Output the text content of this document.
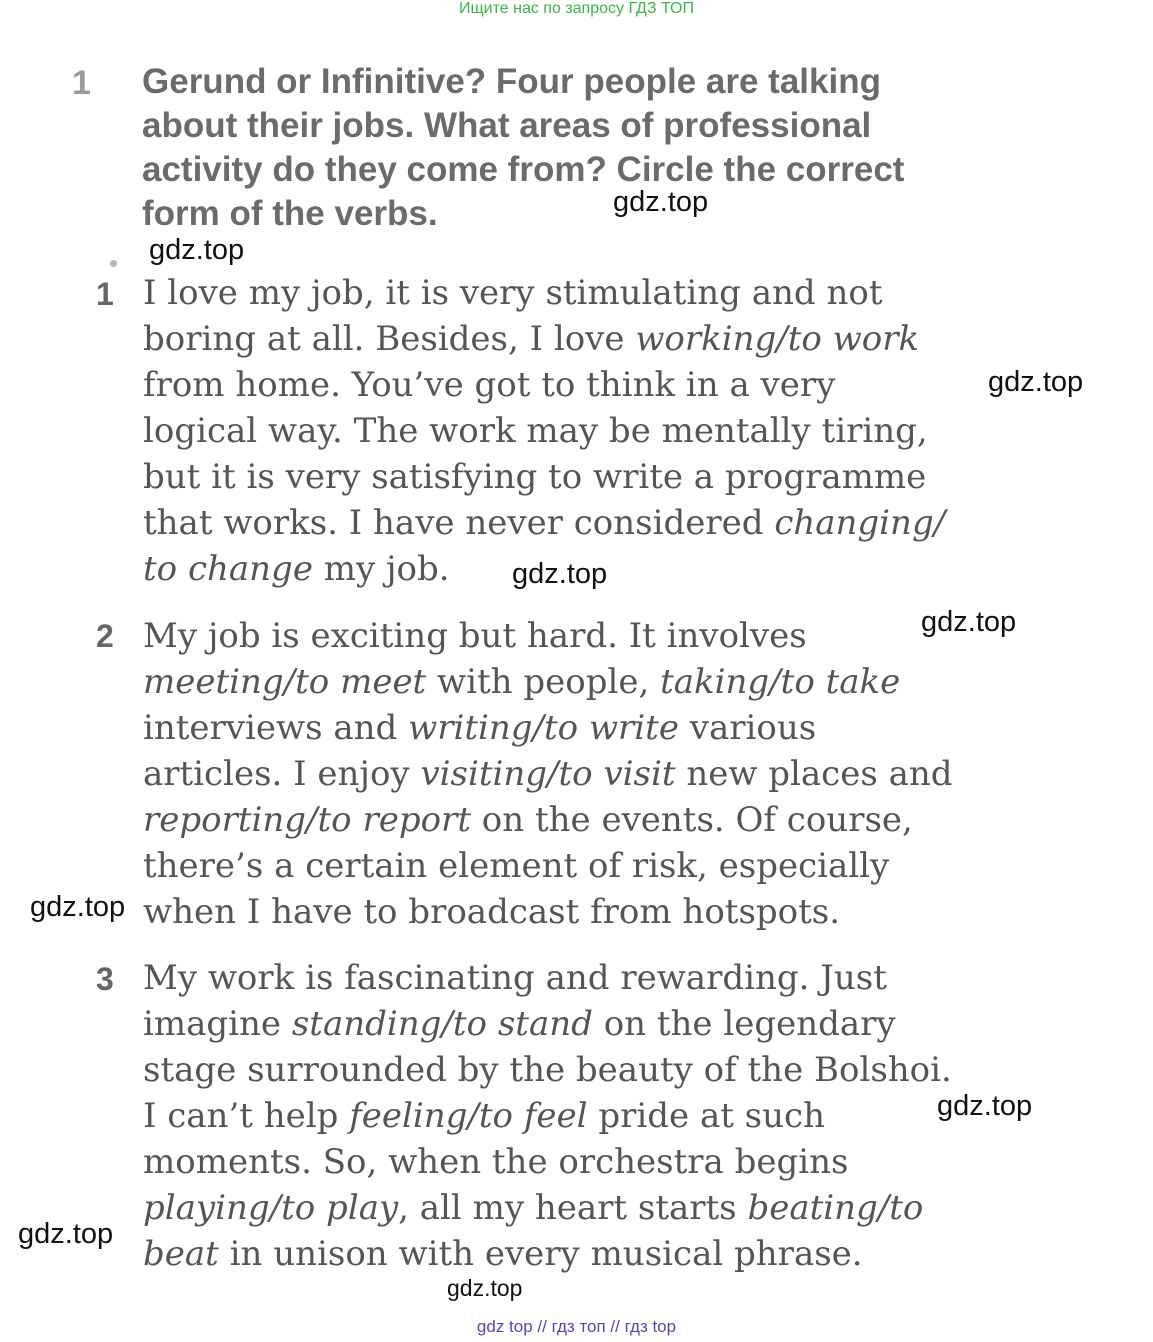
Ищите нас по запросу ГДЗ ТОП
1 Gerund or Infinitive? Four people are talking
about their jobs. What areas of professional
activity do they come from? Circle the correct
form of the verbs.
1 I love my job, it is very stimulating and not
boring at all. Besides, I love working/to work
from home. You’ve got to think in a very
logical way. The work may be mentally tiring,
but it is very satisfying to write a programme
that works. I have never considered changing/
to change my job.
2 My job is exciting but hard. It involves
meeting/to meet with people, taking/to take
interviews and writing/to write various
articles. I enjoy visiting/to visit new places and
reporting/to report on the events. Of course,
there’s a certain element of risk, especially
when I have to broadcast from hotspots.
3 My work is fascinating and rewarding. Just
imagine standing/to stand on the legendary
stage surrounded by the beauty of the Bolshoi.
I can’t help feeling/to feel pride at such
moments. So, when the orchestra begins
playing/to play, all my heart starts beating/to
beat in unison with every musical phrase.
gdz.top
gdz.top
gdz.top
gdz.top
gdz.top
gdz.top
gdz.top
gdz.top
gdz.top
gdz top // гдз топ // гдз top
